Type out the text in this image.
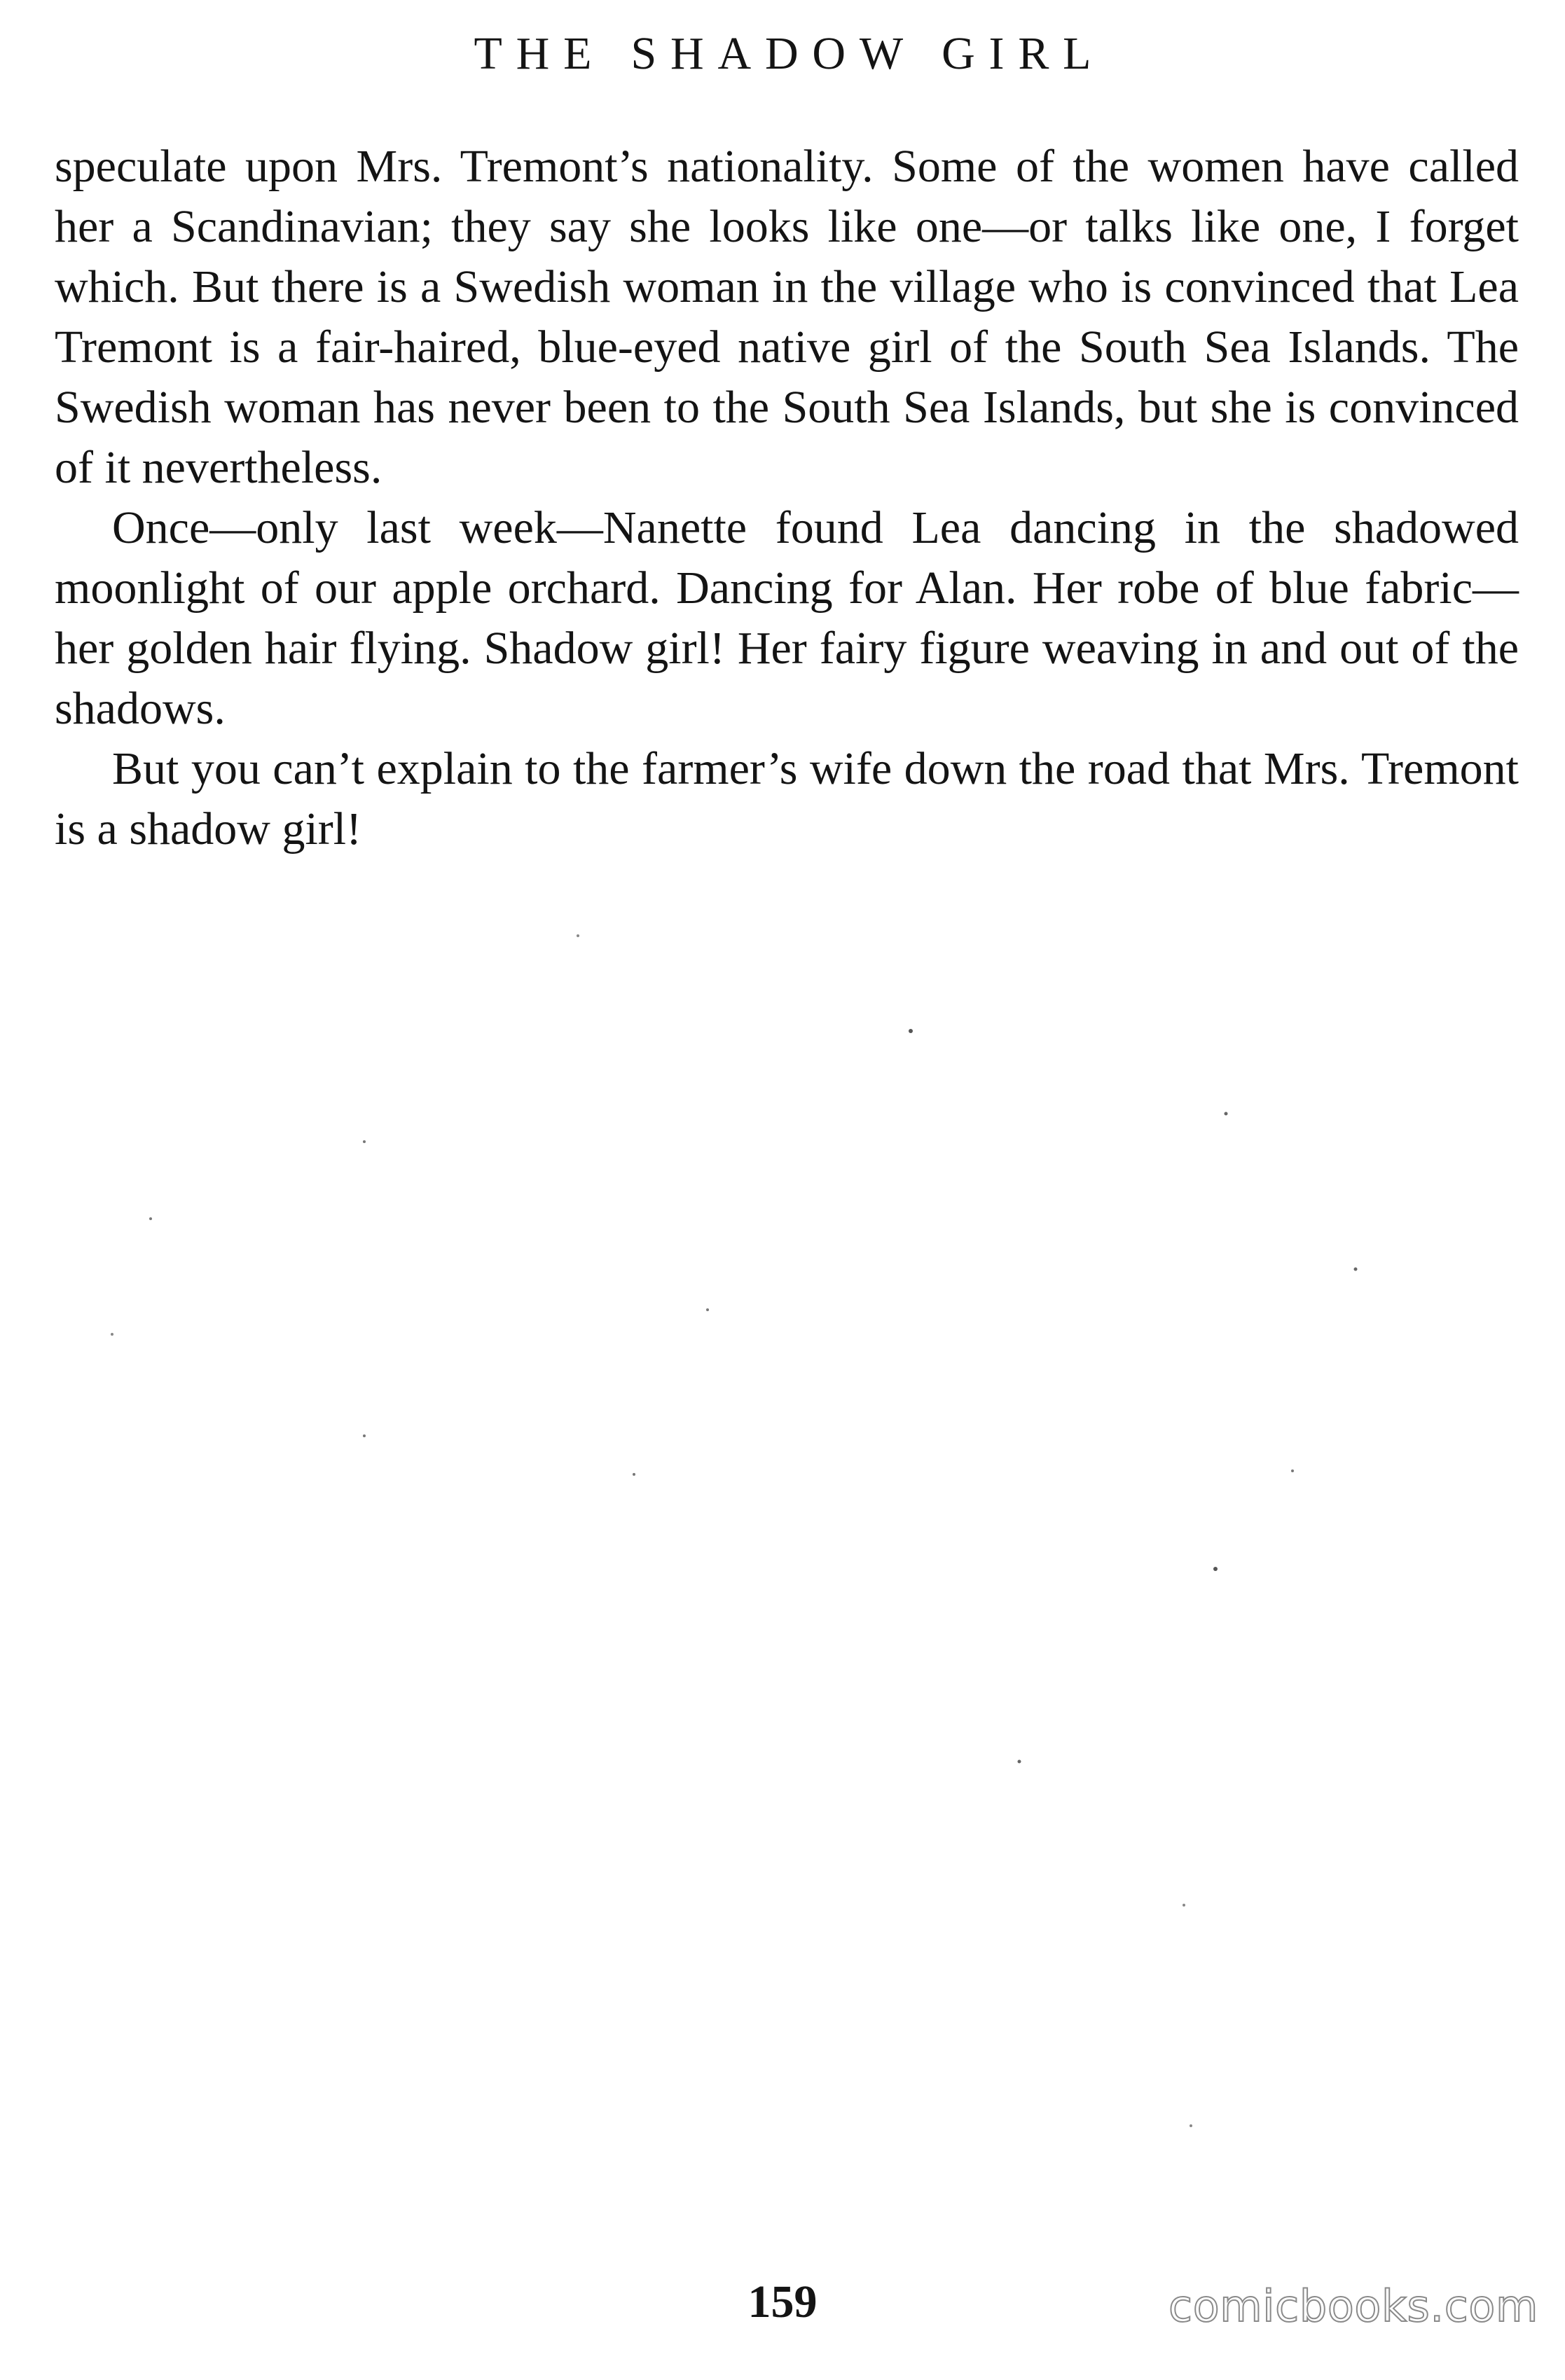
THE SHADOW GIRL

speculate upon Mrs. Tremont’s nationality. Some of the women have called her a Scandinavian; they say she looks like one—or talks like one, I forget which. But there is a Swedish woman in the village who is convinced that Lea Tremont is a fair-haired, blue-eyed native girl of the South Sea Islands. The Swedish woman has never been to the South Sea Islands, but she is convinced of it nevertheless.

Once—only last week—Nanette found Lea dancing in the shadowed moonlight of our apple orchard. Dancing for Alan. Her robe of blue fabric—her golden hair flying. Shadow girl! Her fairy figure weaving in and out of the shadows.

But you can’t explain to the farmer’s wife down the road that Mrs. Tremont is a shadow girl!

159	comicbooks.com
